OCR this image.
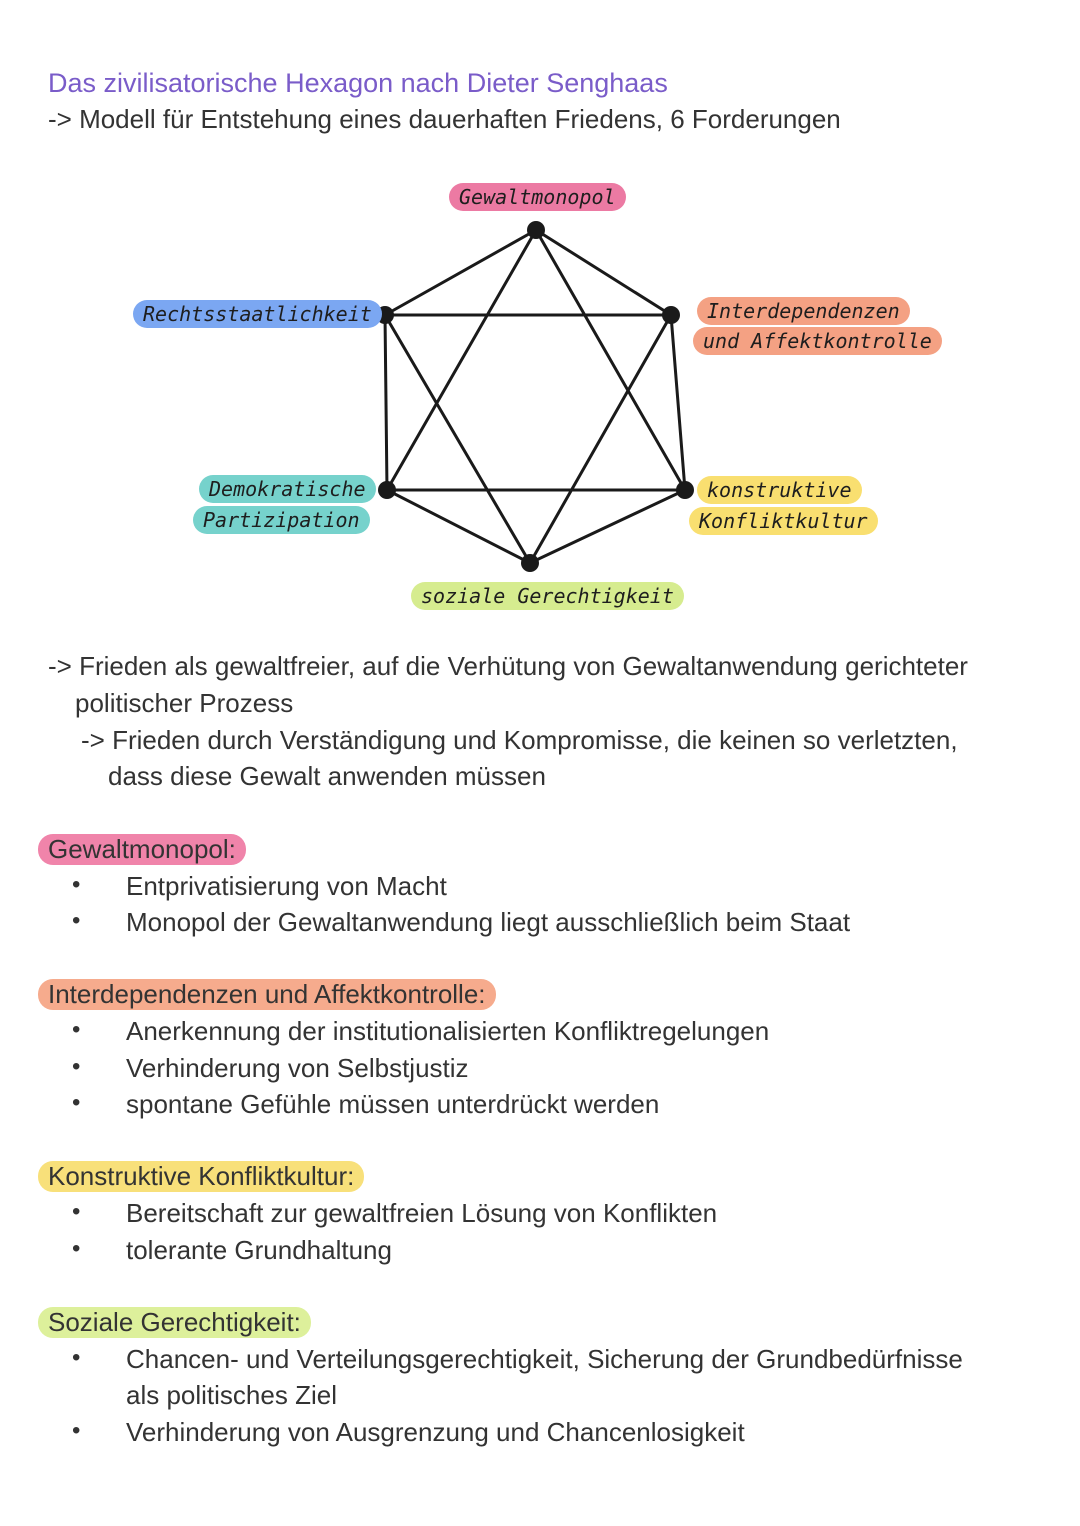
Das zivilisatorische Hexagon nach Dieter Senghaas
-> Modell für Entstehung eines dauerhaften Friedens, 6 Forderungen
Gewaltmonopol
Rechtsstaatlichkeit	Interdependenzen
und Affektkontrolle
Demokratische
Partizipation
konstruktive
Konfliktkultur
soziale Gerechtigkeit
-> Frieden als gewaltfreier, auf die Verhütung von Gewaltanwendung gerichteter
politischer Prozess
-> Frieden durch Verständigung und Kompromisse, die keinen so verletzten,
dass diese Gewalt anwenden müssen
Gewaltmonopol:
• Entprivatisierung von Macht
• Monopol der Gewaltanwendung liegt ausschließlich beim Staat
Interdependenzen und Affektkontrolle:
• Anerkennung der institutionalisierten Konfliktregelungen
• Verhinderung von Selbstjustiz
• spontane Gefühle müssen unterdrückt werden
Konstruktive Konfliktkultur:
• Bereitschaft zur gewaltfreien Lösung von Konflikten
• tolerante Grundhaltung
Soziale Gerechtigkeit:
• Chancen- und Verteilungsgerechtigkeit, Sicherung der Grundbedürfnisse
als politisches Ziel
• Verhinderung von Ausgrenzung und Chancenlosigkeit
